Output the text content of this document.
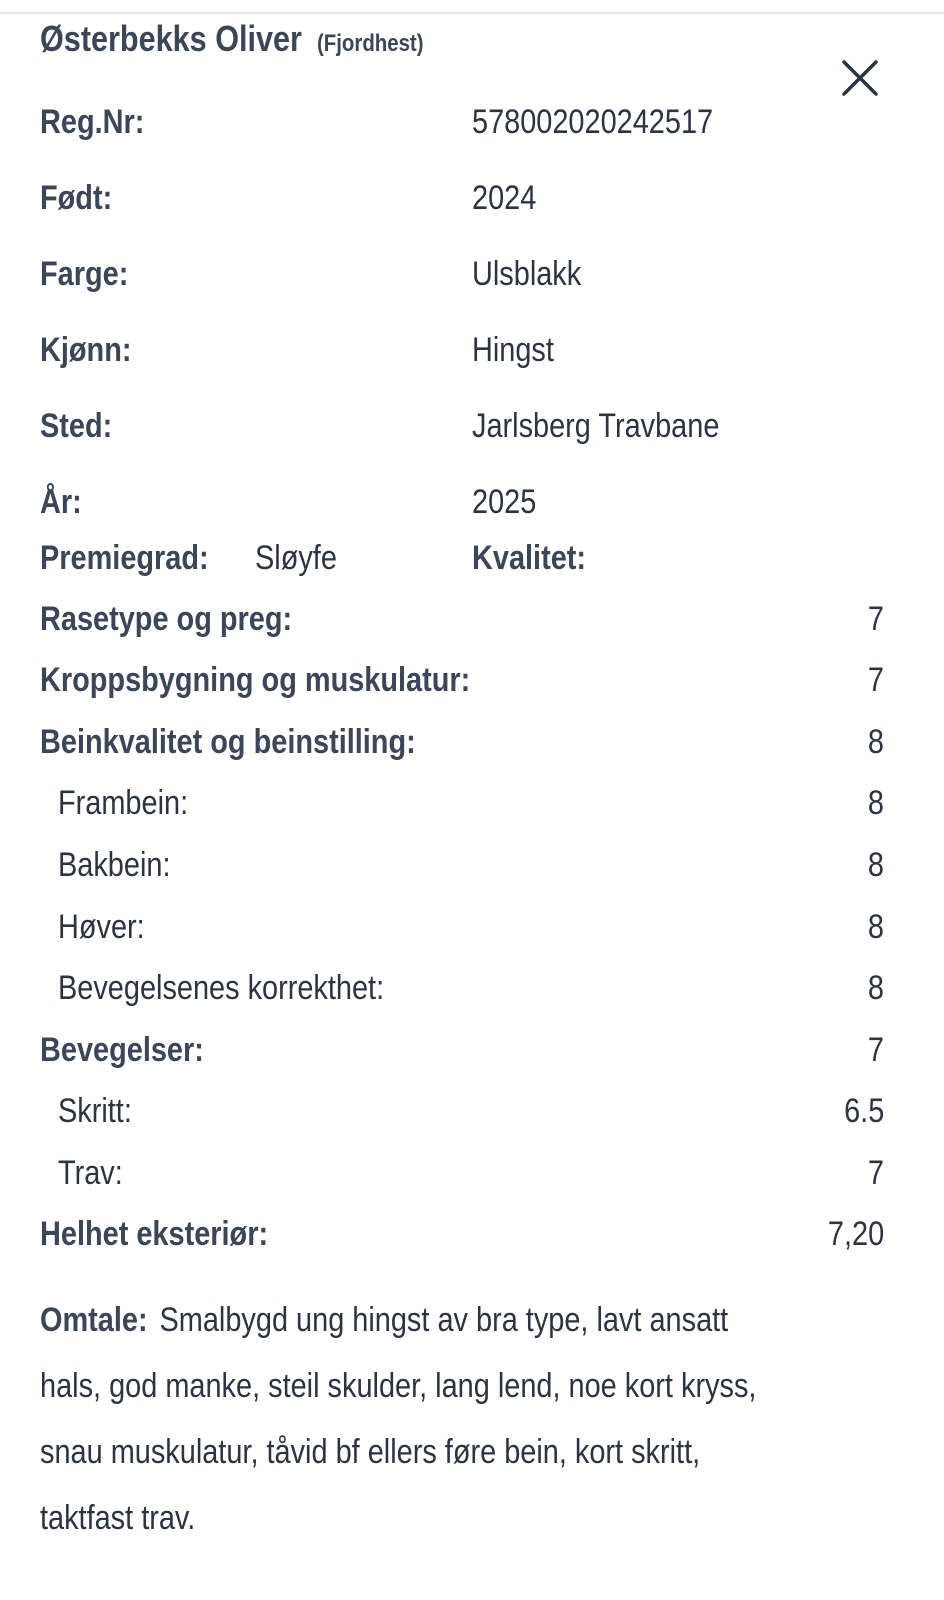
Østerbekks Oliver (Fjordhest)
Reg.Nr:	578002020242517
Født:	2024
Farge:	Ulsblakk
Kjønn:	Hingst
Sted:	Jarlsberg Travbane
År:	2025
Premiegrad: Sløyfe	Kvalitet:
Rasetype og preg:	7
Kroppsbygning og muskulatur:	7
Beinkvalitet og beinstilling:	8
Frambein:	8
Bakbein:	8
Høver:	8
Bevegelsenes korrekthet:	8
Bevegelser:	7
Skritt:	6.5
Trav:	7
Helhet eksteriør:	7,20
Omtale: Smalbygd ung hingst av bra type, lavt ansatt
hals, god manke, steil skulder, lang lend, noe kort kryss,
snau muskulatur, tåvid bf ellers føre bein, kort skritt,
taktfast trav.
